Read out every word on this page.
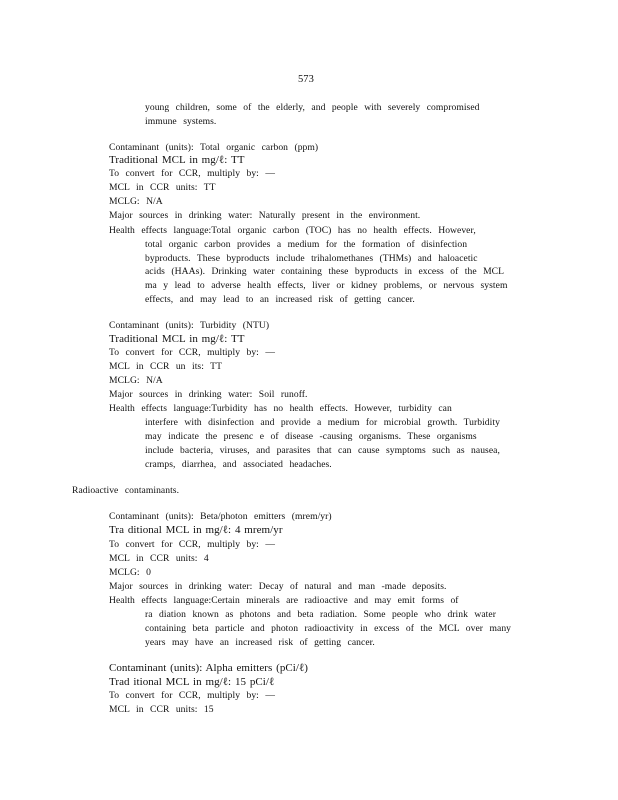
573
young children, some of the elderly, and people with severely compromised
immune systems.
Contaminant (units): Total organic carbon (ppm)
Traditional MCL in mg/ℓ: TT
To convert for CCR, multiply by: —
MCL in CCR units: TT
MCLG: N/A
Major sources in drinking water: Naturally present in the environment.
Health effects language:Total organic carbon (TOC) has no health effects. However,
total organic carbon provides a medium for the formation of disinfection
byproducts. These byproducts include trihalomethanes (THMs) and haloacetic
acids (HAAs). Drinking water containing these byproducts in excess of the MCL
ma y lead to adverse health effects, liver or kidney problems, or nervous system
effects, and may lead to an increased risk of getting cancer.
Contaminant (units): Turbidity (NTU)
Traditional MCL in mg/ℓ: TT
To convert for CCR, multiply by: —
MCL in CCR un its: TT
MCLG: N/A
Major sources in drinking water: Soil runoff.
Health effects language:Turbidity has no health effects. However, turbidity can
interfere with disinfection and provide a medium for microbial growth. Turbidity
may indicate the presenc e of disease -causing organisms. These organisms
include bacteria, viruses, and parasites that can cause symptoms such as nausea,
cramps, diarrhea, and associated headaches.
Radioactive contaminants.
Contaminant (units): Beta/photon emitters (mrem/yr)
Tra ditional MCL in mg/ℓ: 4 mrem/yr
To convert for CCR, multiply by: —
MCL in CCR units: 4
MCLG: 0
Major sources in drinking water: Decay of natural and man -made deposits.
Health effects language:Certain minerals are radioactive and may emit forms of
ra diation known as photons and beta radiation. Some people who drink water
containing beta particle and photon radioactivity in excess of the MCL over many
years may have an increased risk of getting cancer.
Contaminant (units): Alpha emitters (pCi/ℓ)
Trad itional MCL in mg/ℓ: 15 pCi/ℓ
To convert for CCR, multiply by: —
MCL in CCR units: 15
